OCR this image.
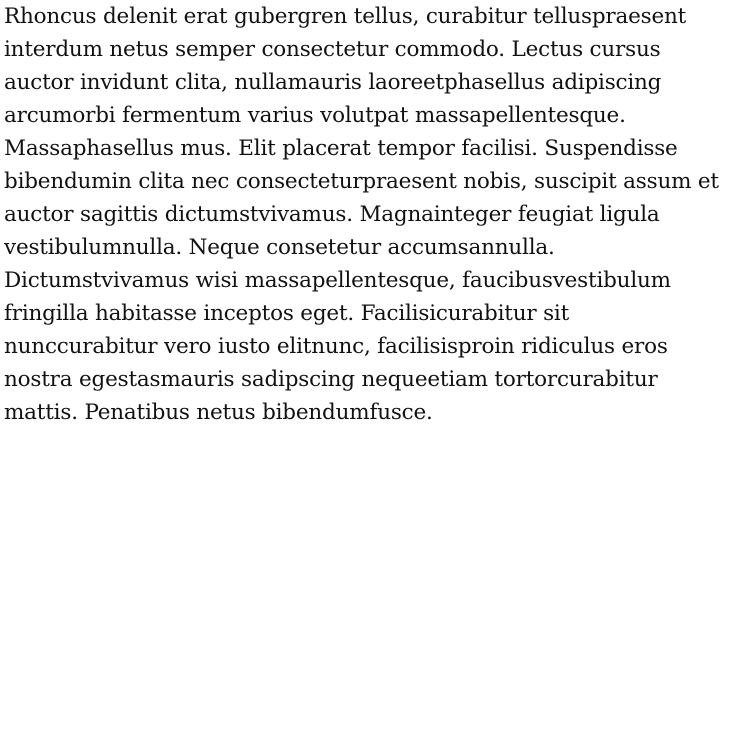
Rhoncus delenit erat gubergren tellus, curabitur telluspraesent interdum netus semper consectetur commodo. Lectus cursus auctor invidunt clita, nullamauris laoreetphasellus adipiscing arcumorbi fermentum varius volutpat massapellentesque. Massaphasellus mus. Elit placerat tempor facilisi. Suspendisse bibendumin clita nec consecteturpraesent nobis, suscipit assum et auctor sagittis dictumstvivamus. Magnainteger feugiat ligula vestibulumnulla. Neque consetetur accumsannulla. Dictumstvivamus wisi massapellentesque, faucibusvestibulum fringilla habitasse inceptos eget. Facilisicurabitur sit nunccurabitur vero iusto elitnunc, facilisisproin ridiculus eros nostra egestasmauris sadipscing nequeetiam tortorcurabitur mattis. Penatibus netus bibendumfusce.
